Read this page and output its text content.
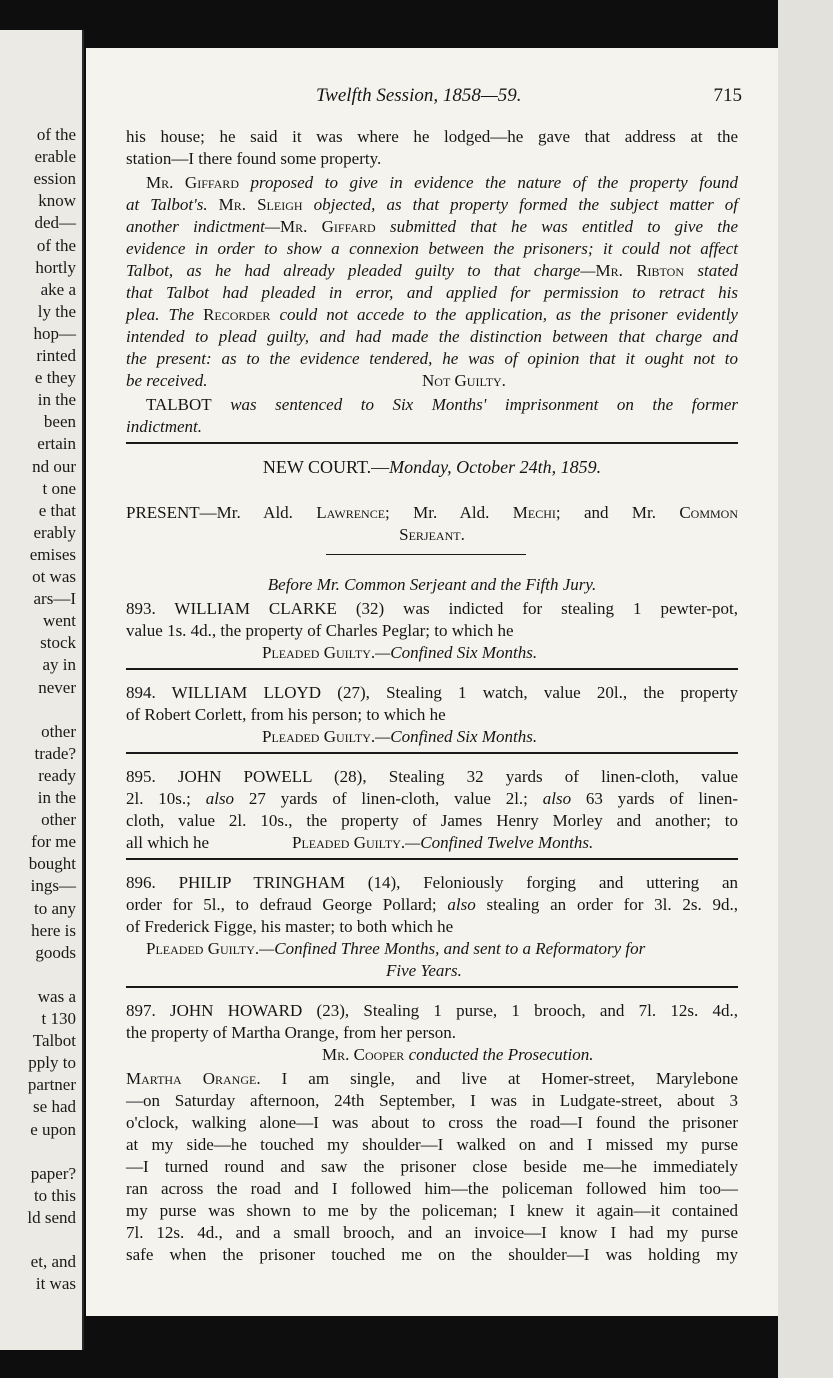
of the
erable
ession
know
ded—
of the
hortly
ake a
ly the
hop—
rinted
e they
in the
been
ertain
nd our
t one
e that
erably
emises
ot was
ars—I
went
stock
ay in
never
other
trade?
ready
in the
other
for me
bought
ings—
to any
here is
goods
was a
t 130
Talbot
pply to
partner
se had
e upon
paper?
to this
ld send
et, and
it was
Twelfth Session, 1858—59.	715
his house; he said it was where he lodged—he gave that address at the
station—I there found some property.
Mr. Giffard proposed to give in evidence the nature of the property found
at Talbot's. Mr. Sleigh objected, as that property formed the subject matter of
another indictment—Mr. Giffard submitted that he was entitled to give the
evidence in order to show a connexion between the prisoners; it could not affect
Talbot, as he had already pleaded guilty to that charge—Mr. Ribton stated
that Talbot had pleaded in error, and applied for permission to retract his
plea. The Recorder could not accede to the application, as the prisoner evidently
intended to plead guilty, and had made the distinction between that charge and
the present: as to the evidence tendered, he was of opinion that it ought not to
be received.	Not Guilty.
TALBOT was sentenced to Six Months' imprisonment on the former
indictment.
NEW COURT.—Monday, October 24th, 1859.
PRESENT—Mr. Ald. Lawrence; Mr. Ald. Mechi; and Mr. Common
Serjeant.
Before Mr. Common Serjeant and the Fifth Jury.
893. WILLIAM CLARKE (32) was indicted for stealing 1 pewter-pot,
value 1s. 4d., the property of Charles Peglar; to which he
Pleaded Guilty.—Confined Six Months.
894. WILLIAM LLOYD (27), Stealing 1 watch, value 20l., the property
of Robert Corlett, from his person; to which he
Pleaded Guilty.—Confined Six Months.
895. JOHN POWELL (28), Stealing 32 yards of linen-cloth, value
2l. 10s.; also 27 yards of linen-cloth, value 2l.; also 63 yards of linen-
cloth, value 2l. 10s., the property of James Henry Morley and another; to
all which he	Pleaded Guilty.—Confined Twelve Months.
896. PHILIP TRINGHAM (14), Feloniously forging and uttering an
order for 5l., to defraud George Pollard; also stealing an order for 3l. 2s. 9d.,
of Frederick Figge, his master; to both which he
Pleaded Guilty.—Confined Three Months, and sent to a Reformatory for
Five Years.
897. JOHN HOWARD (23), Stealing 1 purse, 1 brooch, and 7l. 12s. 4d.,
the property of Martha Orange, from her person.
Mr. Cooper conducted the Prosecution.
Martha Orange. I am single, and live at Homer-street, Marylebone
—on Saturday afternoon, 24th September, I was in Ludgate-street, about 3
o'clock, walking alone—I was about to cross the road—I found the prisoner
at my side—he touched my shoulder—I walked on and I missed my purse
—I turned round and saw the prisoner close beside me—he immediately
ran across the road and I followed him—the policeman followed him too—
my purse was shown to me by the policeman; I knew it again—it contained
7l. 12s. 4d., and a small brooch, and an invoice—I know I had my purse
safe when the prisoner touched me on the shoulder—I was holding my
